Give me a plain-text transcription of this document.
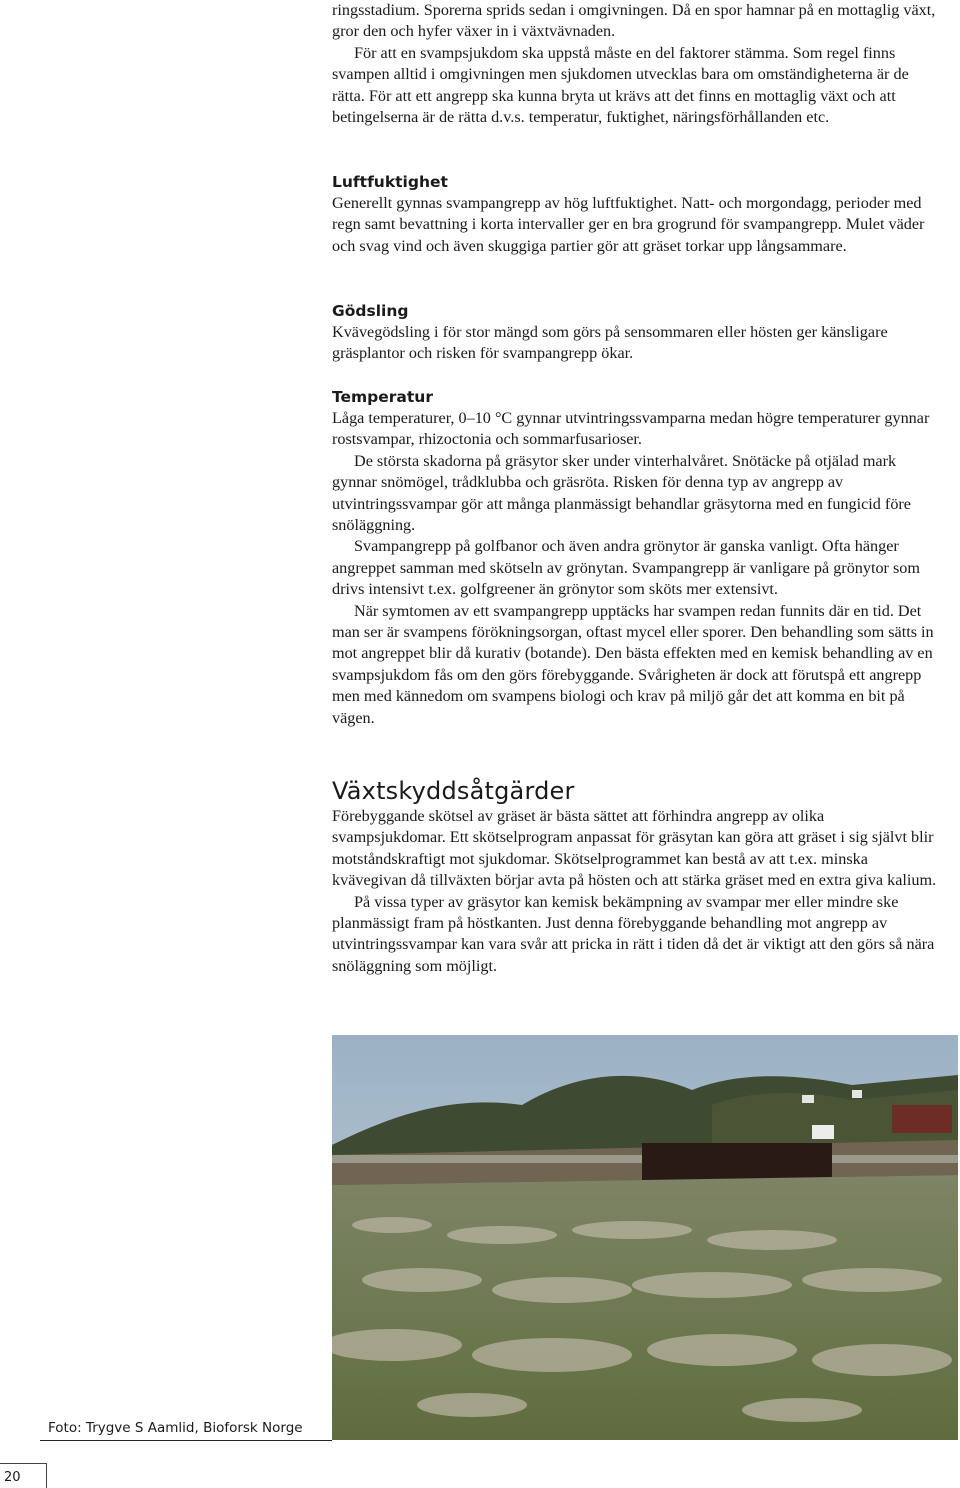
ringsstadium. Sporerna sprids sedan i omgivningen. Då en spor hamnar på en mottaglig växt, gror den och hyfer växer in i växtvävnaden.

För att en svampsjukdom ska uppstå måste en del faktorer stämma. Som regel finns svampen alltid i omgivningen men sjukdomen utvecklas bara om omständigheterna är de rätta. För att ett angrepp ska kunna bryta ut krävs att det finns en mottaglig växt och att betingelserna är de rätta d.v.s. temperatur, fuktighet, näringsförhållanden etc.

Luftfuktighet

Generellt gynnas svampangrepp av hög luftfuktighet. Natt- och morgondagg, perioder med regn samt bevattning i korta intervaller ger en bra grogrund för svampangrepp. Mulet väder och svag vind och även skuggiga partier gör att gräset torkar upp långsammare.

Gödsling

Kvävegödsling i för stor mängd som görs på sensommaren eller hösten ger känsligare gräsplantor och risken för svampangrepp ökar.

Temperatur

Låga temperaturer, 0–10 °C gynnar utvintringssvamparna medan högre temperaturer gynnar rostsvampar, rhizoctonia och sommarfusarioser.

De största skadorna på gräsytor sker under vinterhalvåret. Snötäcke på otjälad mark gynnar snömögel, trådklubba och gräsröta. Risken för denna typ av angrepp av utvintringssvampar gör att många planmässigt behandlar gräsytorna med en fungicid före snöläggning.

Svampangrepp på golfbanor och även andra grönytor är ganska vanligt. Ofta hänger angreppet samman med skötseln av grönytan. Svampangrepp är vanligare på grönytor som drivs intensivt t.ex. golfgreener än grönytor som sköts mer extensivt.

När symtomen av ett svampangrepp upptäcks har svampen redan funnits där en tid. Det man ser är svampens förökningsorgan, oftast mycel eller sporer. Den behandling som sätts in mot angreppet blir då kurativ (botande). Den bästa effekten med en kemisk behandling av en svampsjukdom fås om den görs förebyggande. Svårigheten är dock att förutspå ett angrepp men med kännedom om svampens biologi och krav på miljö går det att komma en bit på vägen.

Växtskyddsåtgärder

Förebyggande skötsel av gräset är bästa sättet att förhindra angrepp av olika svampsjukdomar. Ett skötselprogram anpassat för gräsytan kan göra att gräset i sig självt blir motståndskraftigt mot sjukdomar. Skötselprogrammet kan bestå av att t.ex. minska kvävegivan då tillväxten börjar avta på hösten och att stärka gräset med en extra giva kalium.

På vissa typer av gräsytor kan kemisk bekämpning av svampar mer eller mindre ske planmässigt fram på höstkanten. Just denna förebyggande behandling mot angrepp av utvintringssvampar kan vara svår att pricka in rätt i tiden då det är viktigt att den görs så nära snöläggning som möjligt.

Foto: Trygve S Aamlid, Bioforsk Norge
20
